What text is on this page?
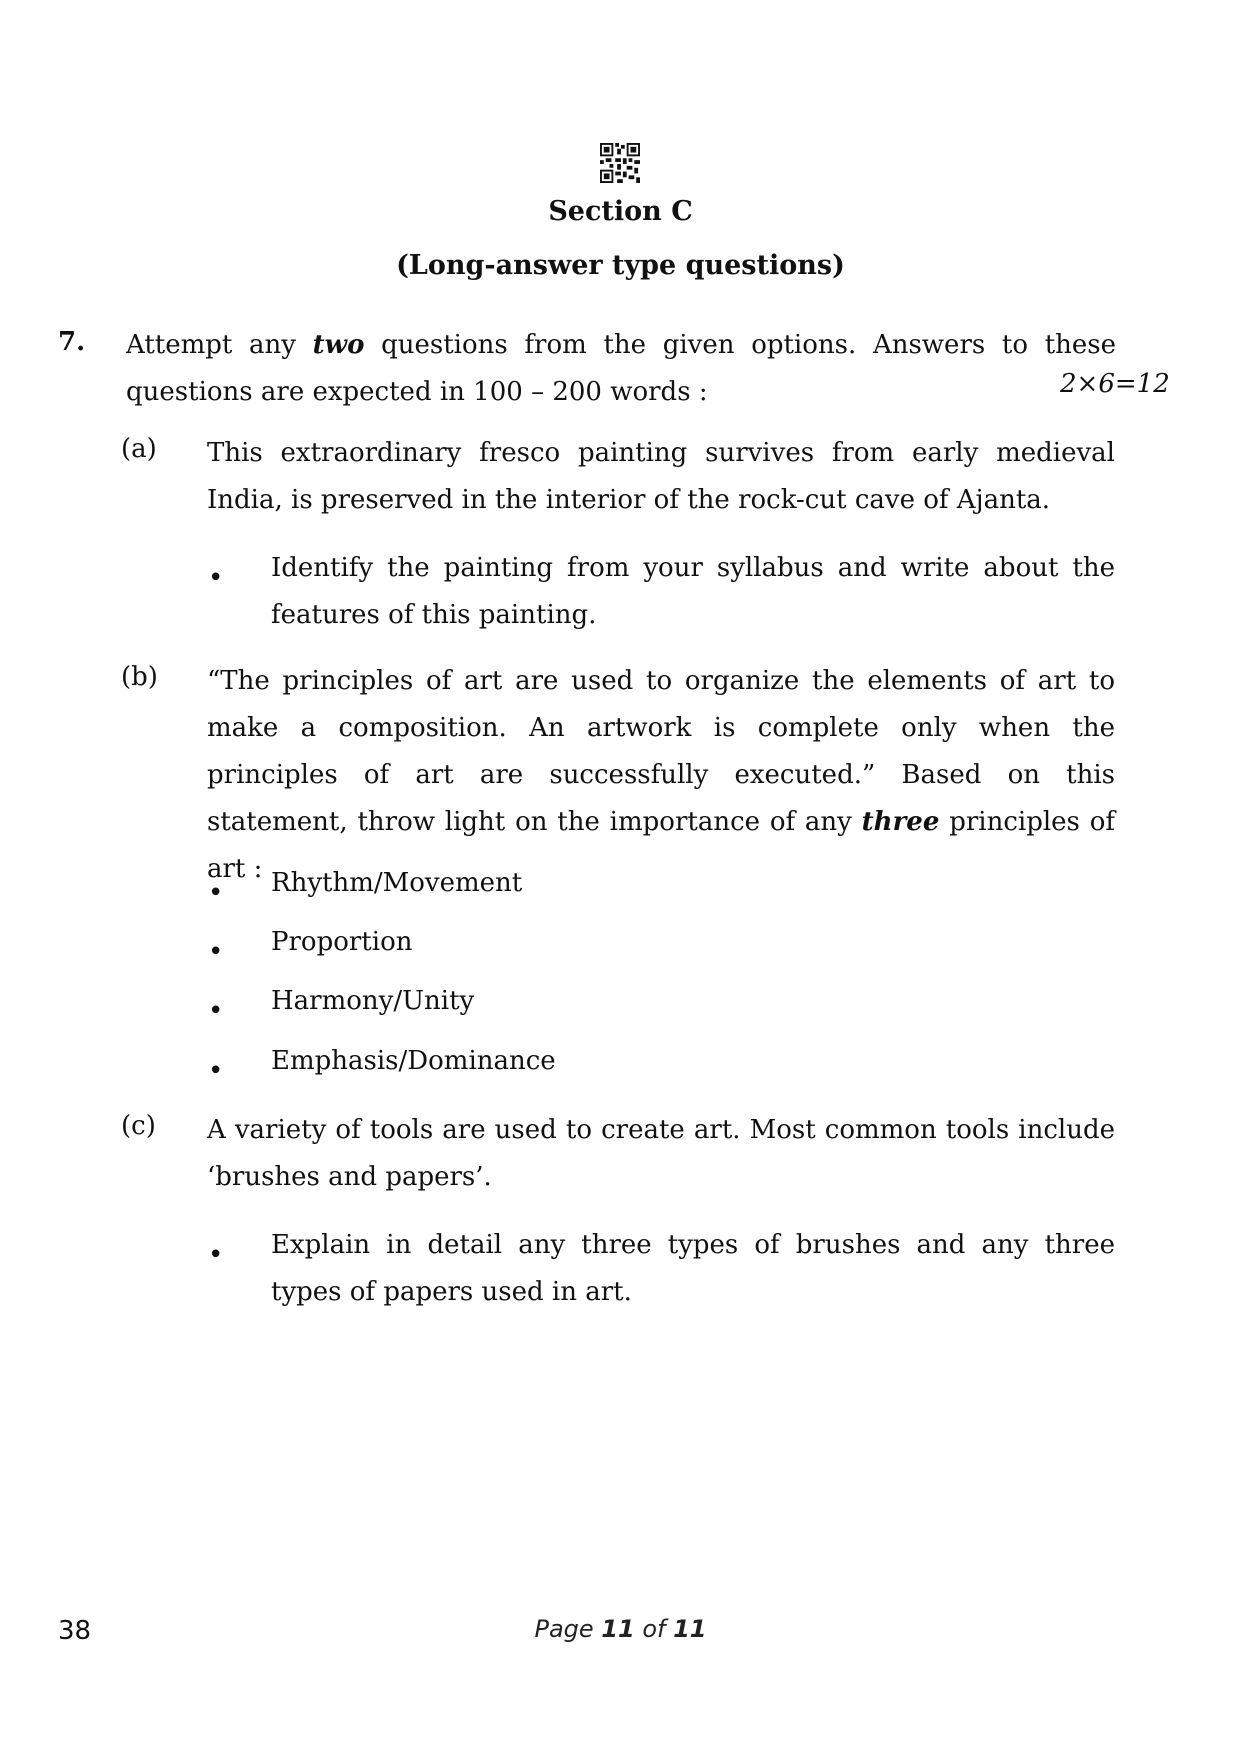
Section C
(Long-answer type questions)
7. Attempt any two questions from the given options. Answers to these questions are expected in 100 – 200 words :	2×6=12
(a) This extraordinary fresco painting survives from early medieval India, is preserved in the interior of the rock-cut cave of Ajanta.
• Identify the painting from your syllabus and write about the features of this painting.
(b) “The principles of art are used to organize the elements of art to make a composition. An artwork is complete only when the principles of art are successfully executed.” Based on this statement, throw light on the importance of any three principles of art :
• Rhythm/Movement
• Proportion
• Harmony/Unity
• Emphasis/Dominance
(c) A variety of tools are used to create art. Most common tools include ‘brushes and papers’.
• Explain in detail any three types of brushes and any three types of papers used in art.
38	Page 11 of 11
